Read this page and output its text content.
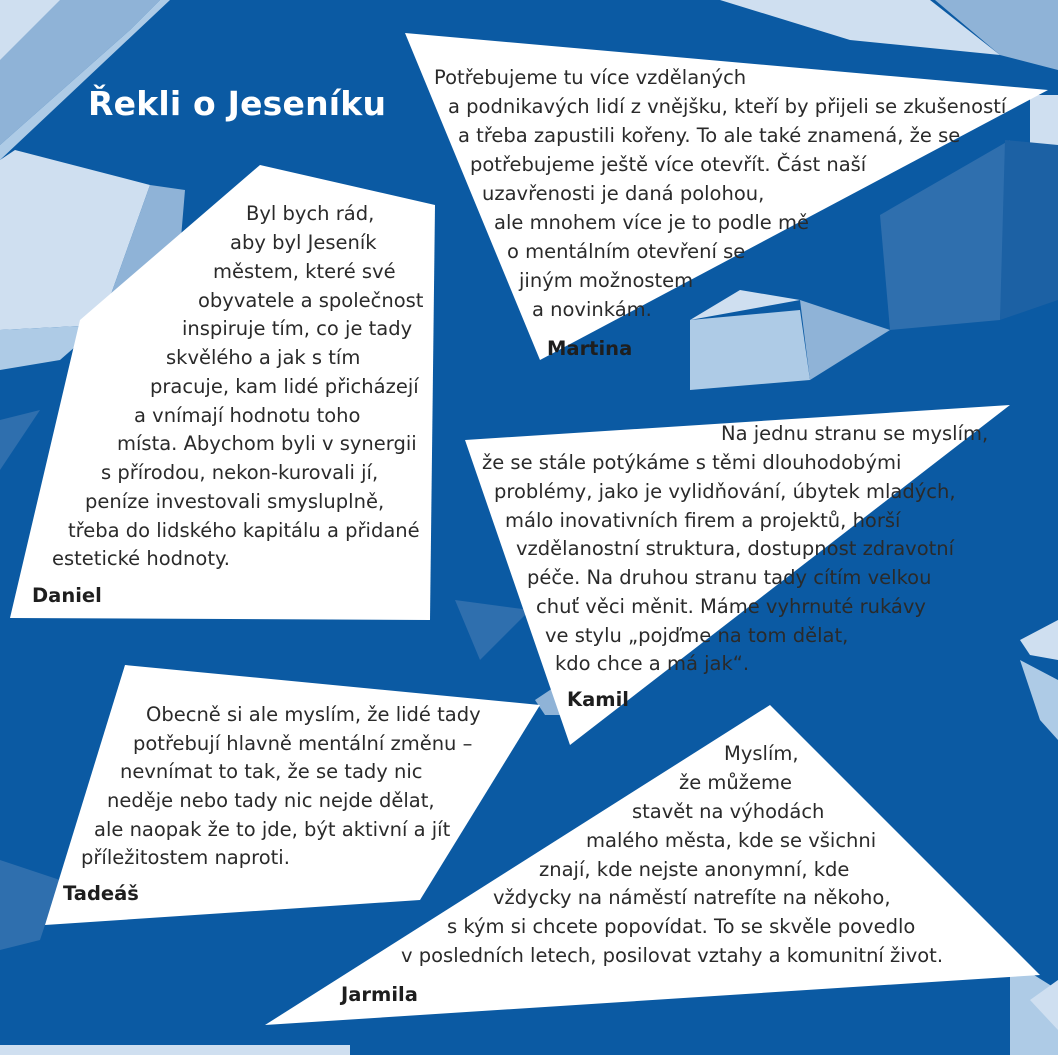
Řekli o Jeseníku
Potřebujeme tu více vzdělaných
a podnikavých lidí z vnějšku, kteří by přijeli se zkušeností
a třeba zapustili kořeny. To ale také znamená, že se
potřebujeme ještě více otevřít. Část naší
uzavřenosti je daná polohou,
ale mnohem více je to podle mě
o mentálním otevření se
jiným možnostem
a novinkám.
Martina
Byl bych rád,
aby byl Jeseník
městem, které své
obyvatele a společnost
inspiruje tím, co je tady
skvělého a jak s tím
pracuje, kam lidé přicházejí
a vnímají hodnotu toho
místa. Abychom byli v synergii
s přírodou, nekon-kurovali jí,
peníze investovali smysluplně,
třeba do lidského kapitálu a přidané
estetické hodnoty.
Daniel
Na jednu stranu se myslím,
že se stále potýkáme s těmi dlouhodobými
problémy, jako je vylidňování, úbytek mladých,
málo inovativních firem a projektů, horší
vzdělanostní struktura, dostupnost zdravotní
péče. Na druhou stranu tady cítím velkou
chuť věci měnit. Máme vyhrnuté rukávy
ve stylu „pojďme na tom dělat,
kdo chce a má jak“.
Kamil
Obecně si ale myslím, že lidé tady
potřebují hlavně mentální změnu –
nevnímat to tak, že se tady nic
neděje nebo tady nic nejde dělat,
ale naopak že to jde, být aktivní a jít
příležitostem naproti.
Tadeáš
Myslím,
že můžeme
stavět na výhodách
malého města, kde se všichni
znají, kde nejste anonymní, kde
vždycky na náměstí natrefíte na někoho,
s kým si chcete popovídat. To se skvěle povedlo
v posledních letech, posilovat vztahy a komunitní život.
Jarmila
